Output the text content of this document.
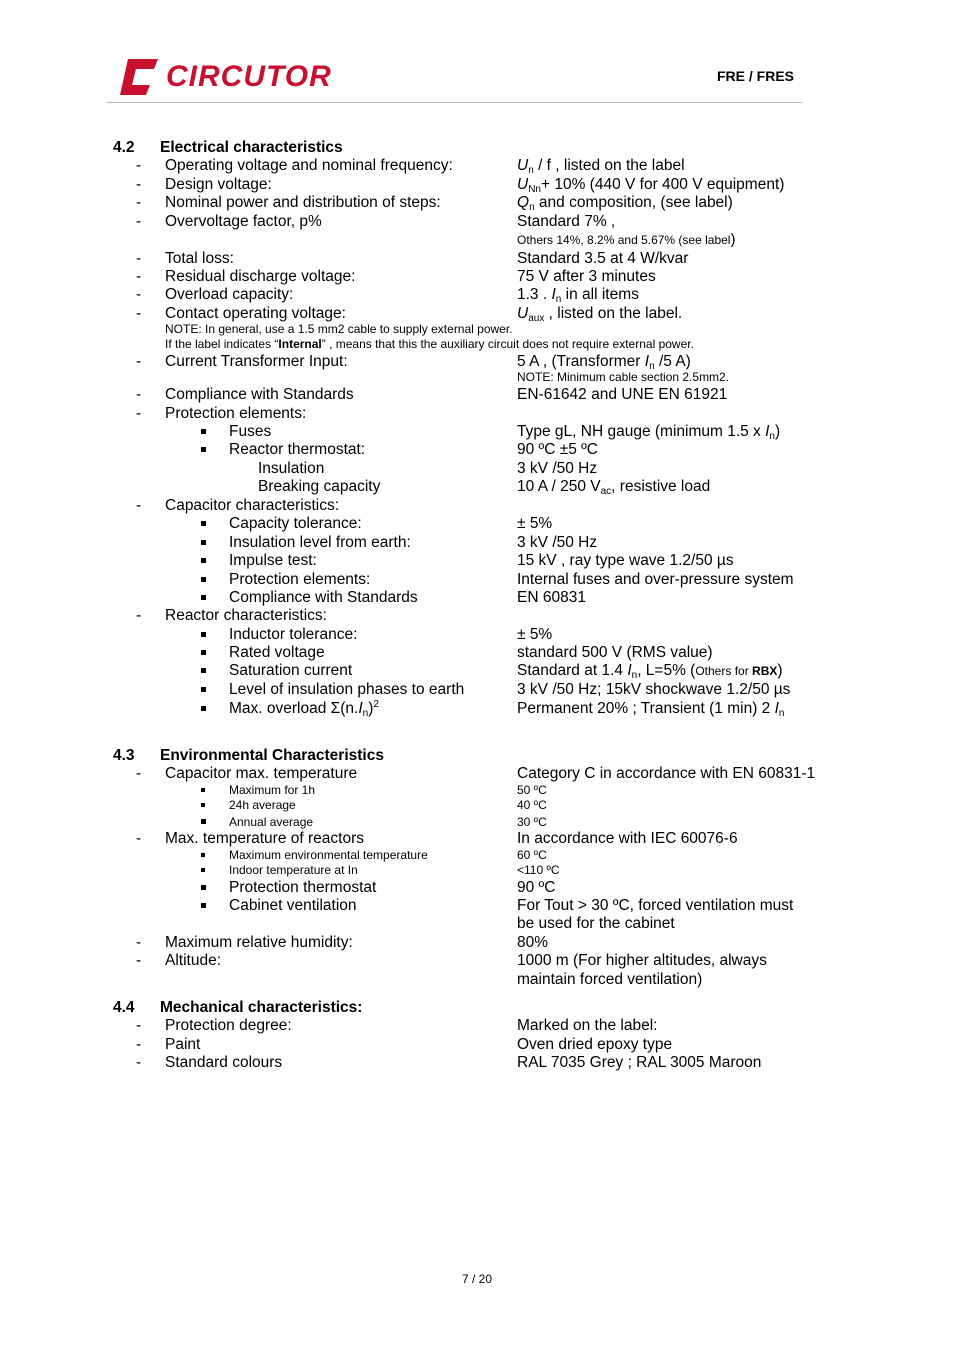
CIRCUTOR	FRE / FRES
4.2 Electrical characteristics
- Operating voltage and nominal frequency:	$U_n$ / f , listed on the label
- Design voltage:	$U_{Nn}+ 10\%$ (440 V for 400 V equipment)
- Nominal power and distribution of steps:	$Q_n$ and composition, (see label)
- Overvoltage factor, p%	Standard 7% ,
Others 14%, 8.2% and 5.67% (see label)
- Total loss:	Standard 3.5 at 4 W/kvar
- Residual discharge voltage:	75 V after 3 minutes
- Overload capacity:	1.3 . $I_n$ in all items
- Contact operating voltage:	$U_{aux}$ , listed on the label.
NOTE: In general, use a 1.5 mm2 cable to supply external power.
If the label indicates “Internal” , means that this the auxiliary circuit does not require external power.
- Current Transformer Input:	5 A , (Transformer $I_n$ /5 A)
NOTE: Minimum cable section 2.5mm2.
- Compliance with Standards	EN-61642 and UNE EN 61921
- Protection elements:
Fuses	Type gL, NH gauge (minimum 1.5 x $I_n$)
Reactor thermostat:	90 ºC ±5 ºC
Insulation	3 kV /50 Hz
Breaking capacity	10 A / 250 $V_{ac}$, resistive load
- Capacitor characteristics:
Capacity tolerance:	± 5%
Insulation level from earth:	3 kV /50 Hz
Impulse test:	15 kV , ray type wave 1.2/50 µs
Protection elements:	Internal fuses and over-pressure system
Compliance with Standards	EN 60831
- Reactor characteristics:
Inductor tolerance:	± 5%
Rated voltage	standard 500 V (RMS value)
Saturation current	Standard at 1.4 $I_n$, L=5% (Others for RBX)
Level of insulation phases to earth	3 kV /50 Hz; 15kV shockwave 1.2/50 µs
Max. overload $\Sigma(n.I_n)^2$	Permanent 20% ; Transient (1 min) 2 $I_n$
4.3 Environmental Characteristics
- Capacitor max. temperature	Category C in accordance with EN 60831-1
Maximum for 1h	50 ºC
24h average	40 ºC
Annual average	30 ºC
- Max. temperature of reactors	In accordance with IEC 60076-6
Maximum environmental temperature	60 ºC
Indoor temperature at In	<110 ºC
Protection thermostat	90 ºC
Cabinet ventilation	For Tout > 30 ºC, forced ventilation must
be used for the cabinet
- Maximum relative humidity:	80%
- Altitude:	1000 m (For higher altitudes, always
maintain forced ventilation)
4.4 Mechanical characteristics:
- Protection degree:	Marked on the label:
- Paint	Oven dried epoxy type
- Standard colours	RAL 7035 Grey ; RAL 3005 Maroon
7 / 20
